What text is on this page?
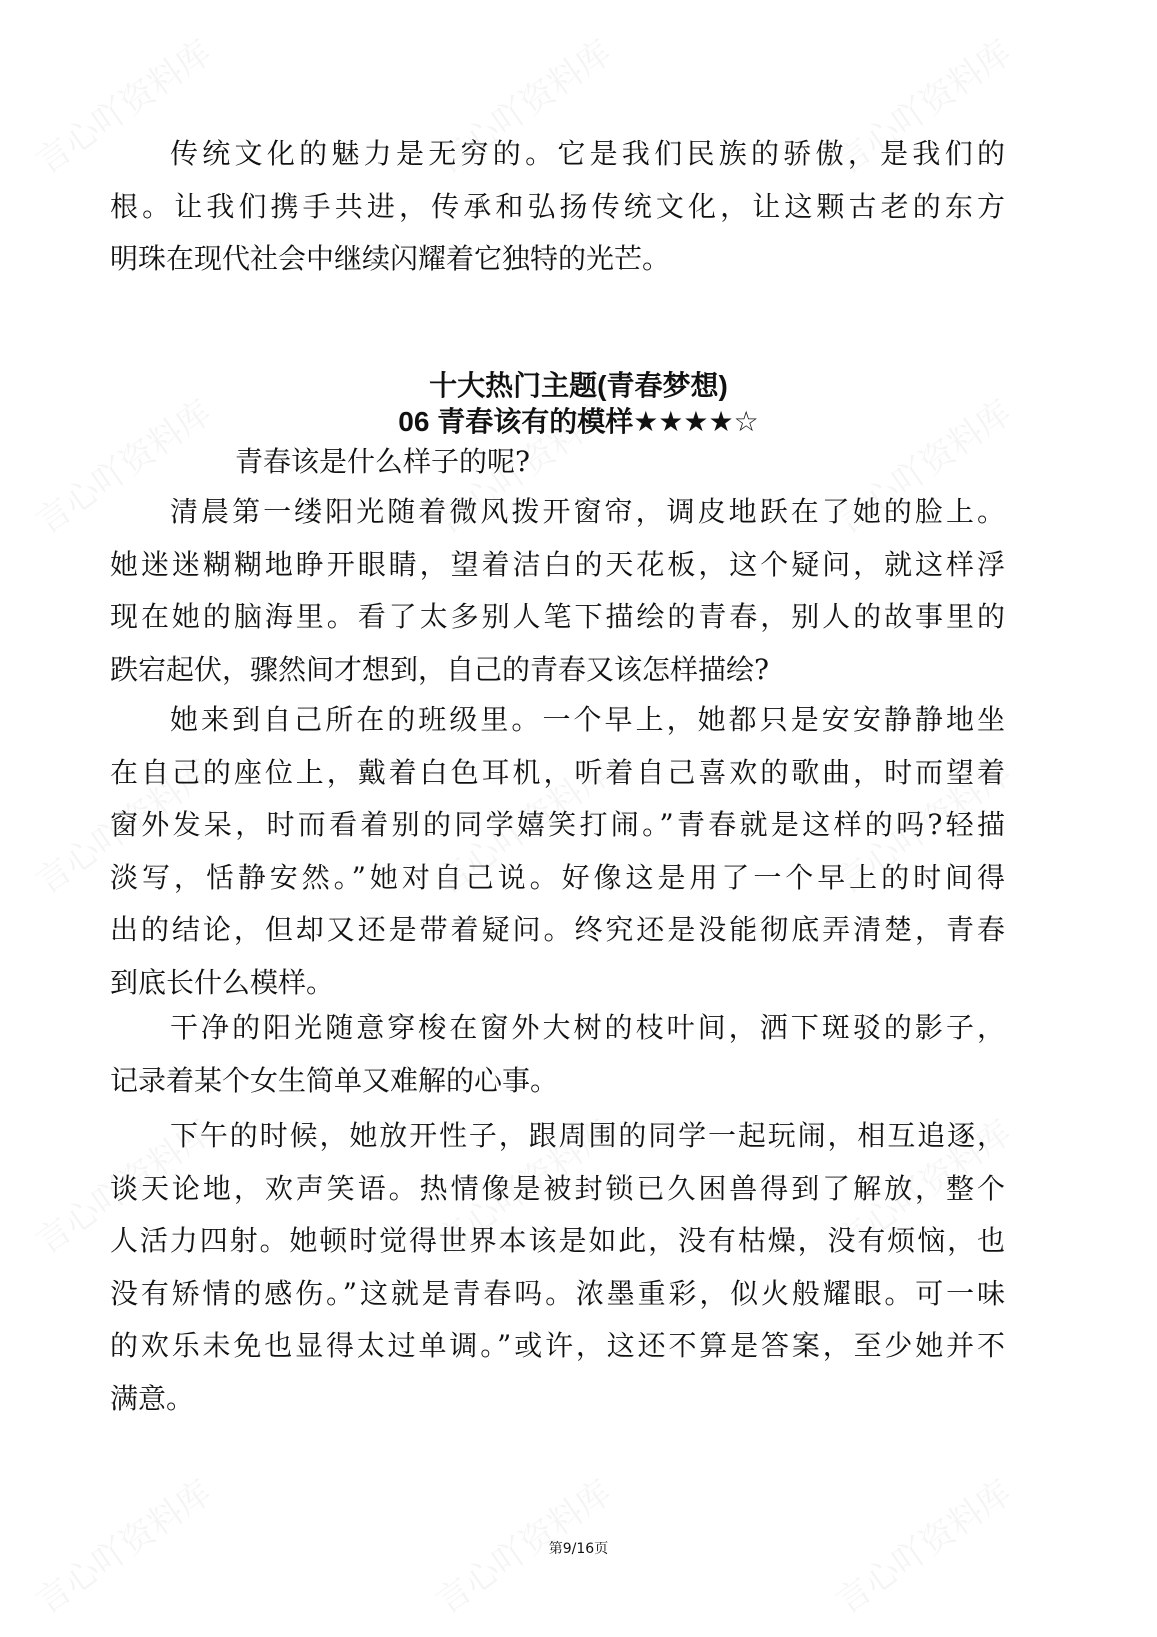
传统文化的魅力是无穷的。它是我们民族的骄傲，是我们的
根。让我们携手共进，传承和弘扬传统文化，让这颗古老的东方
明珠在现代社会中继续闪耀着它独特的光芒。
十大热门主题(青春梦想)
06 青春该有的模样★★★★☆
青春该是什么样子的呢?
清晨第一缕阳光随着微风拨开窗帘，调皮地跃在了她的脸上。
她迷迷糊糊地睁开眼睛，望着洁白的天花板，这个疑问，就这样浮
现在她的脑海里。看了太多别人笔下描绘的青春，别人的故事里的
跌宕起伏，骤然间才想到，自己的青春又该怎样描绘?
她来到自己所在的班级里。一个早上，她都只是安安静静地坐
在自己的座位上，戴着白色耳机，听着自己喜欢的歌曲，时而望着
窗外发呆，时而看着别的同学嬉笑打闹。”青春就是这样的吗?轻描
淡写，恬静安然。”她对自己说。好像这是用了一个早上的时间得
出的结论，但却又还是带着疑问。终究还是没能彻底弄清楚，青春
到底长什么模样。
干净的阳光随意穿梭在窗外大树的枝叶间，洒下斑驳的影子，
记录着某个女生简单又难解的心事。
下午的时候，她放开性子，跟周围的同学一起玩闹，相互追逐，
谈天论地，欢声笑语。热情像是被封锁已久困兽得到了解放，整个
人活力四射。她顿时觉得世界本该是如此，没有枯燥，没有烦恼，也
没有矫情的感伤。”这就是青春吗。浓墨重彩，似火般耀眼。可一味
的欢乐未免也显得太过单调。”或许，这还不算是答案，至少她并不
满意。
第9/16页
